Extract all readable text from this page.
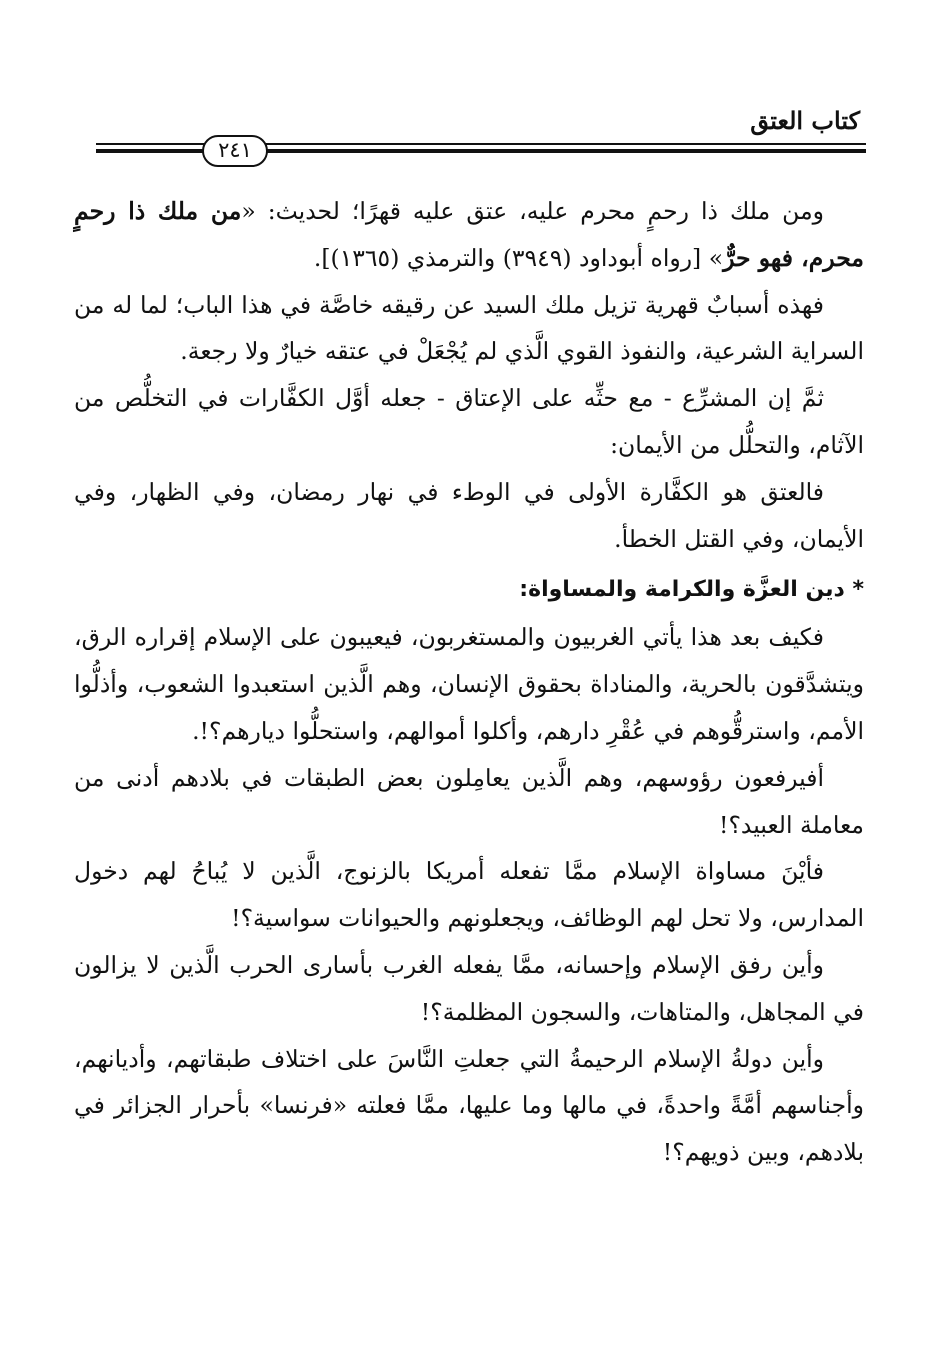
كتاب العتق
٢٤١

ومن ملك ذا رحمٍ محرم عليه، عتق عليه قهرًا؛ لحديث: «من ملك ذا رحمٍ محرم، فهو حرٌّ» [رواه أبوداود (٣٩٤٩) والترمذي (١٣٦٥)].

فهذه أسبابٌ قهرية تزيل ملك السيد عن رقيقه خاصَّة في هذا الباب؛ لما له من السراية الشرعية، والنفوذ القوي الَّذي لم يُجْعَلْ في عتقه خيارٌ ولا رجعة.

ثمَّ إن المشرِّع - مع حثِّه على الإعتاق - جعله أوَّل الكفَّارات في التخلُّص من الآثام، والتحلُّل من الأيمان:

فالعتق هو الكفَّارة الأولى في الوطء في نهار رمضان، وفي الظهار، وفي الأيمان، وفي القتل الخطأ.

* دين العزَّة والكرامة والمساواة:

فكيف بعد هذا يأتي الغربيون والمستغربون، فيعيبون على الإسلام إقراره الرق، ويتشدَّقون بالحرية، والمناداة بحقوق الإنسان، وهم الَّذين استعبدوا الشعوب، وأذلُّوا الأمم، واسترقُّوهم في عُقْرِ دارهم، وأكلوا أموالهم، واستحلُّوا ديارهم؟!.

أفيرفعون رؤوسهم، وهم الَّذين يعامِلون بعض الطبقات في بلادهم أدنى من معاملة العبيد؟!

فأيْنَ مساواة الإسلام ممَّا تفعله أمريكا بالزنوج، الَّذين لا يُباحُ لهم دخول المدارس، ولا تحل لهم الوظائف، ويجعلونهم والحيوانات سواسية؟!

وأين رفق الإسلام وإحسانه، ممَّا يفعله الغرب بأسارى الحرب الَّذين لا يزالون في المجاهل، والمتاهات، والسجون المظلمة؟!

وأين دولةُ الإسلام الرحيمةُ التي جعلتِ النَّاسَ على اختلاف طبقاتهم، وأديانهم، وأجناسهم أمَّةً واحدةً، في مالها وما عليها، ممَّا فعلته «فرنسا» بأحرار الجزائر في بلادهم، وبين ذويهم؟!
